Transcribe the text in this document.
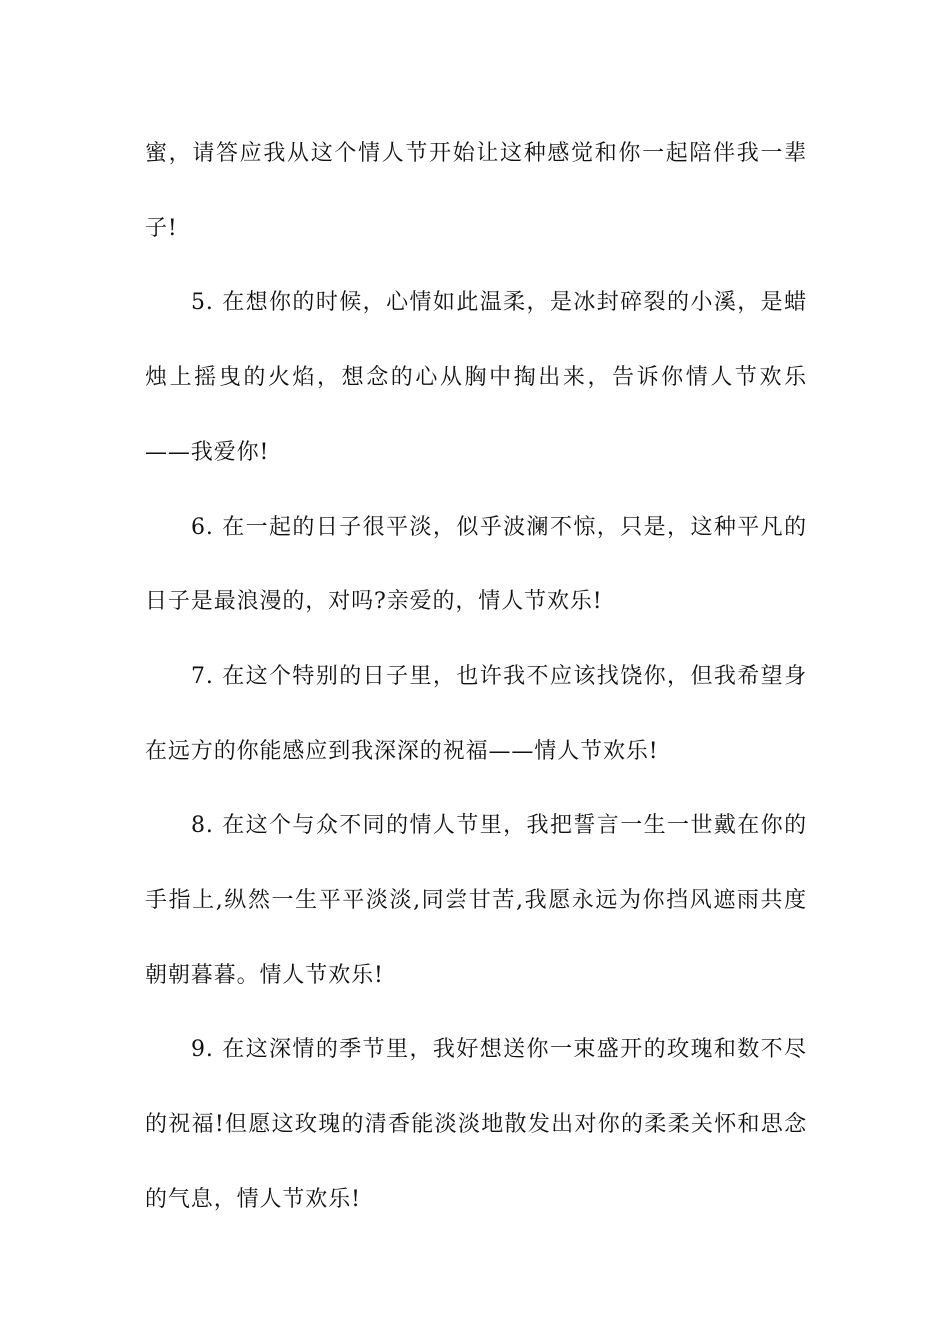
蜜，请答应我从这个情人节开始让这种感觉和你一起陪伴我一辈子!

5. 在想你的时候，心情如此温柔，是冰封碎裂的小溪，是蜡烛上摇曳的火焰，想念的心从胸中掏出来，告诉你情人节欢乐——我爱你!

6. 在一起的日子很平淡，似乎波澜不惊，只是，这种平凡的日子是最浪漫的，对吗?亲爱的，情人节欢乐!

7. 在这个特别的日子里，也许我不应该找饶你，但我希望身在远方的你能感应到我深深的祝福——情人节欢乐!

8. 在这个与众不同的情人节里，我把誓言一生一世戴在你的手指上,纵然一生平平淡淡,同尝甘苦,我愿永远为你挡风遮雨共度朝朝暮暮。情人节欢乐!

9. 在这深情的季节里，我好想送你一束盛开的玫瑰和数不尽的祝福!但愿这玫瑰的清香能淡淡地散发出对你的柔柔关怀和思念的气息，情人节欢乐!
